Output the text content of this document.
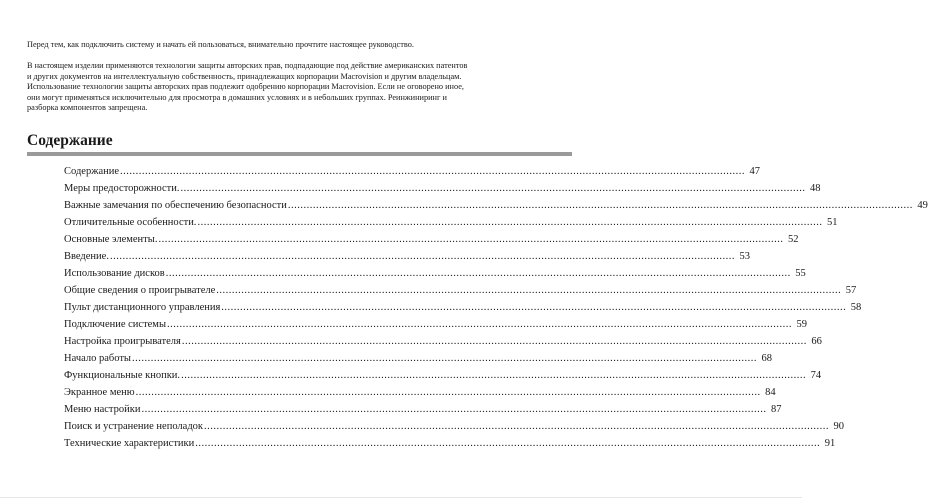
Перед тем, как подключить систему и начать ей пользоваться, внимательно прочтите настоящее руководство.

В настоящем изделии применяются технологии защиты авторских прав, подпадающие под действие американских патентов
и других документов на интеллектуальную собственность, принадлежащих корпорации Macrovision и другим владельцам.
Использование технологии защиты авторских прав подлежит одобрению корпорации Macrovision. Если не оговорено иное,
они могут применяться исключительно для просмотра в домашних условиях и в небольших группах. Реинжиниринг и
разборка компонентов запрещена.
Содержание
Содержание ........................................................................................................................................................................................................ 47
Меры предосторожности. ........................................................................................................................................................................................................ 48
Важные замечания по обеспечению безопасности ........................................................................................................................................................................................................ 49
Отличительные особенности. ........................................................................................................................................................................................................ 51
Основные элементы. ........................................................................................................................................................................................................ 52
Введение. ........................................................................................................................................................................................................ 53
Использование дисков ........................................................................................................................................................................................................ 55
Общие сведения о проигрывателе ........................................................................................................................................................................................................ 57
Пульт дистанционного управления ........................................................................................................................................................................................................ 58
Подключение системы ........................................................................................................................................................................................................ 59
Настройка проигрывателя ........................................................................................................................................................................................................ 66
Начало работы ........................................................................................................................................................................................................ 68
Функциональные кнопки. ........................................................................................................................................................................................................ 74
Экранное меню ........................................................................................................................................................................................................ 84
Меню настройки ........................................................................................................................................................................................................ 87
Поиск и устранение неполадок ........................................................................................................................................................................................................ 90
Технические характеристики ........................................................................................................................................................................................................ 91
